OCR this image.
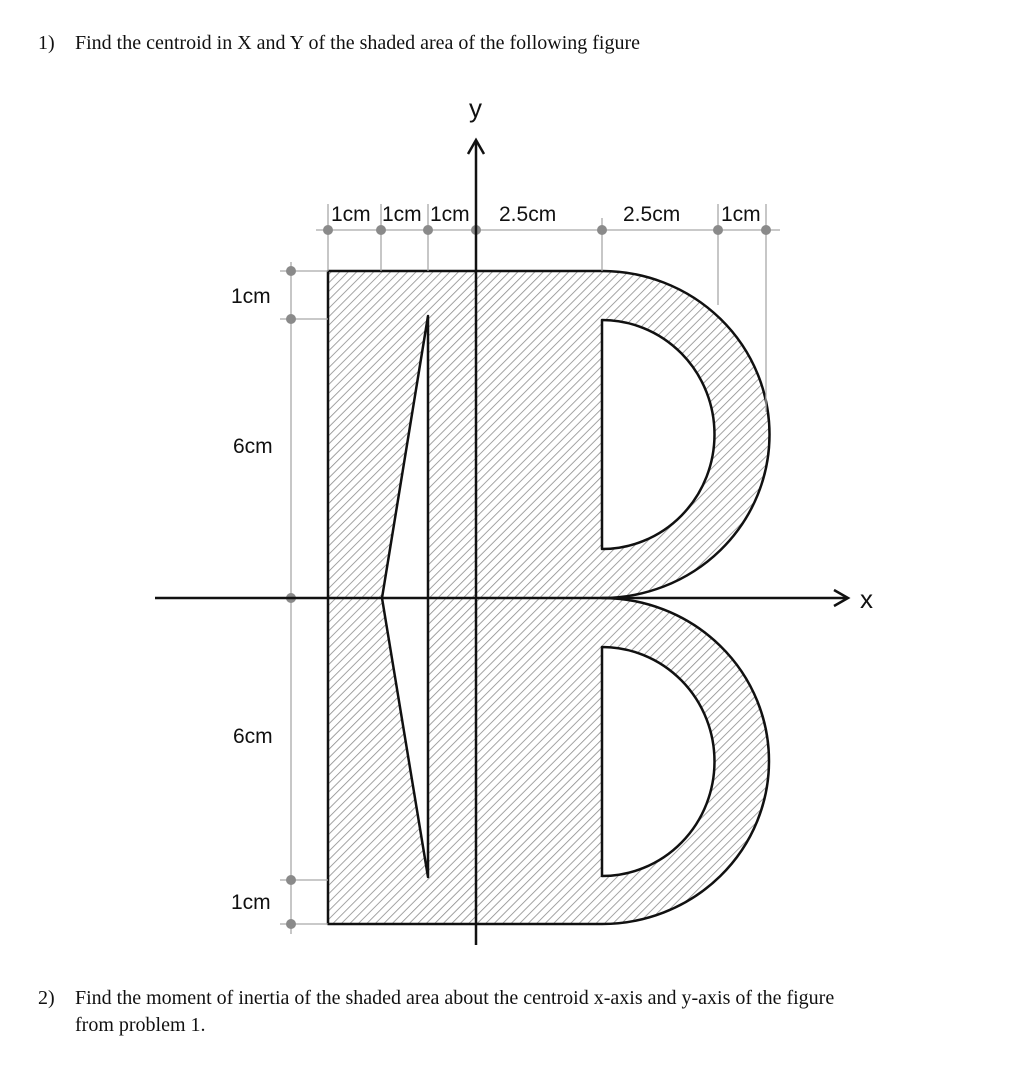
1) Find the centroid in X and Y of the shaded area of the following figure
x
y
1cm 1cm 1cm 2.5cm	2.5cm 1cm
1cm
6cm
6cm
1cm
2) Find the moment of inertia of the shaded area about the centroid x-axis and y-axis of the figure
from problem 1.
